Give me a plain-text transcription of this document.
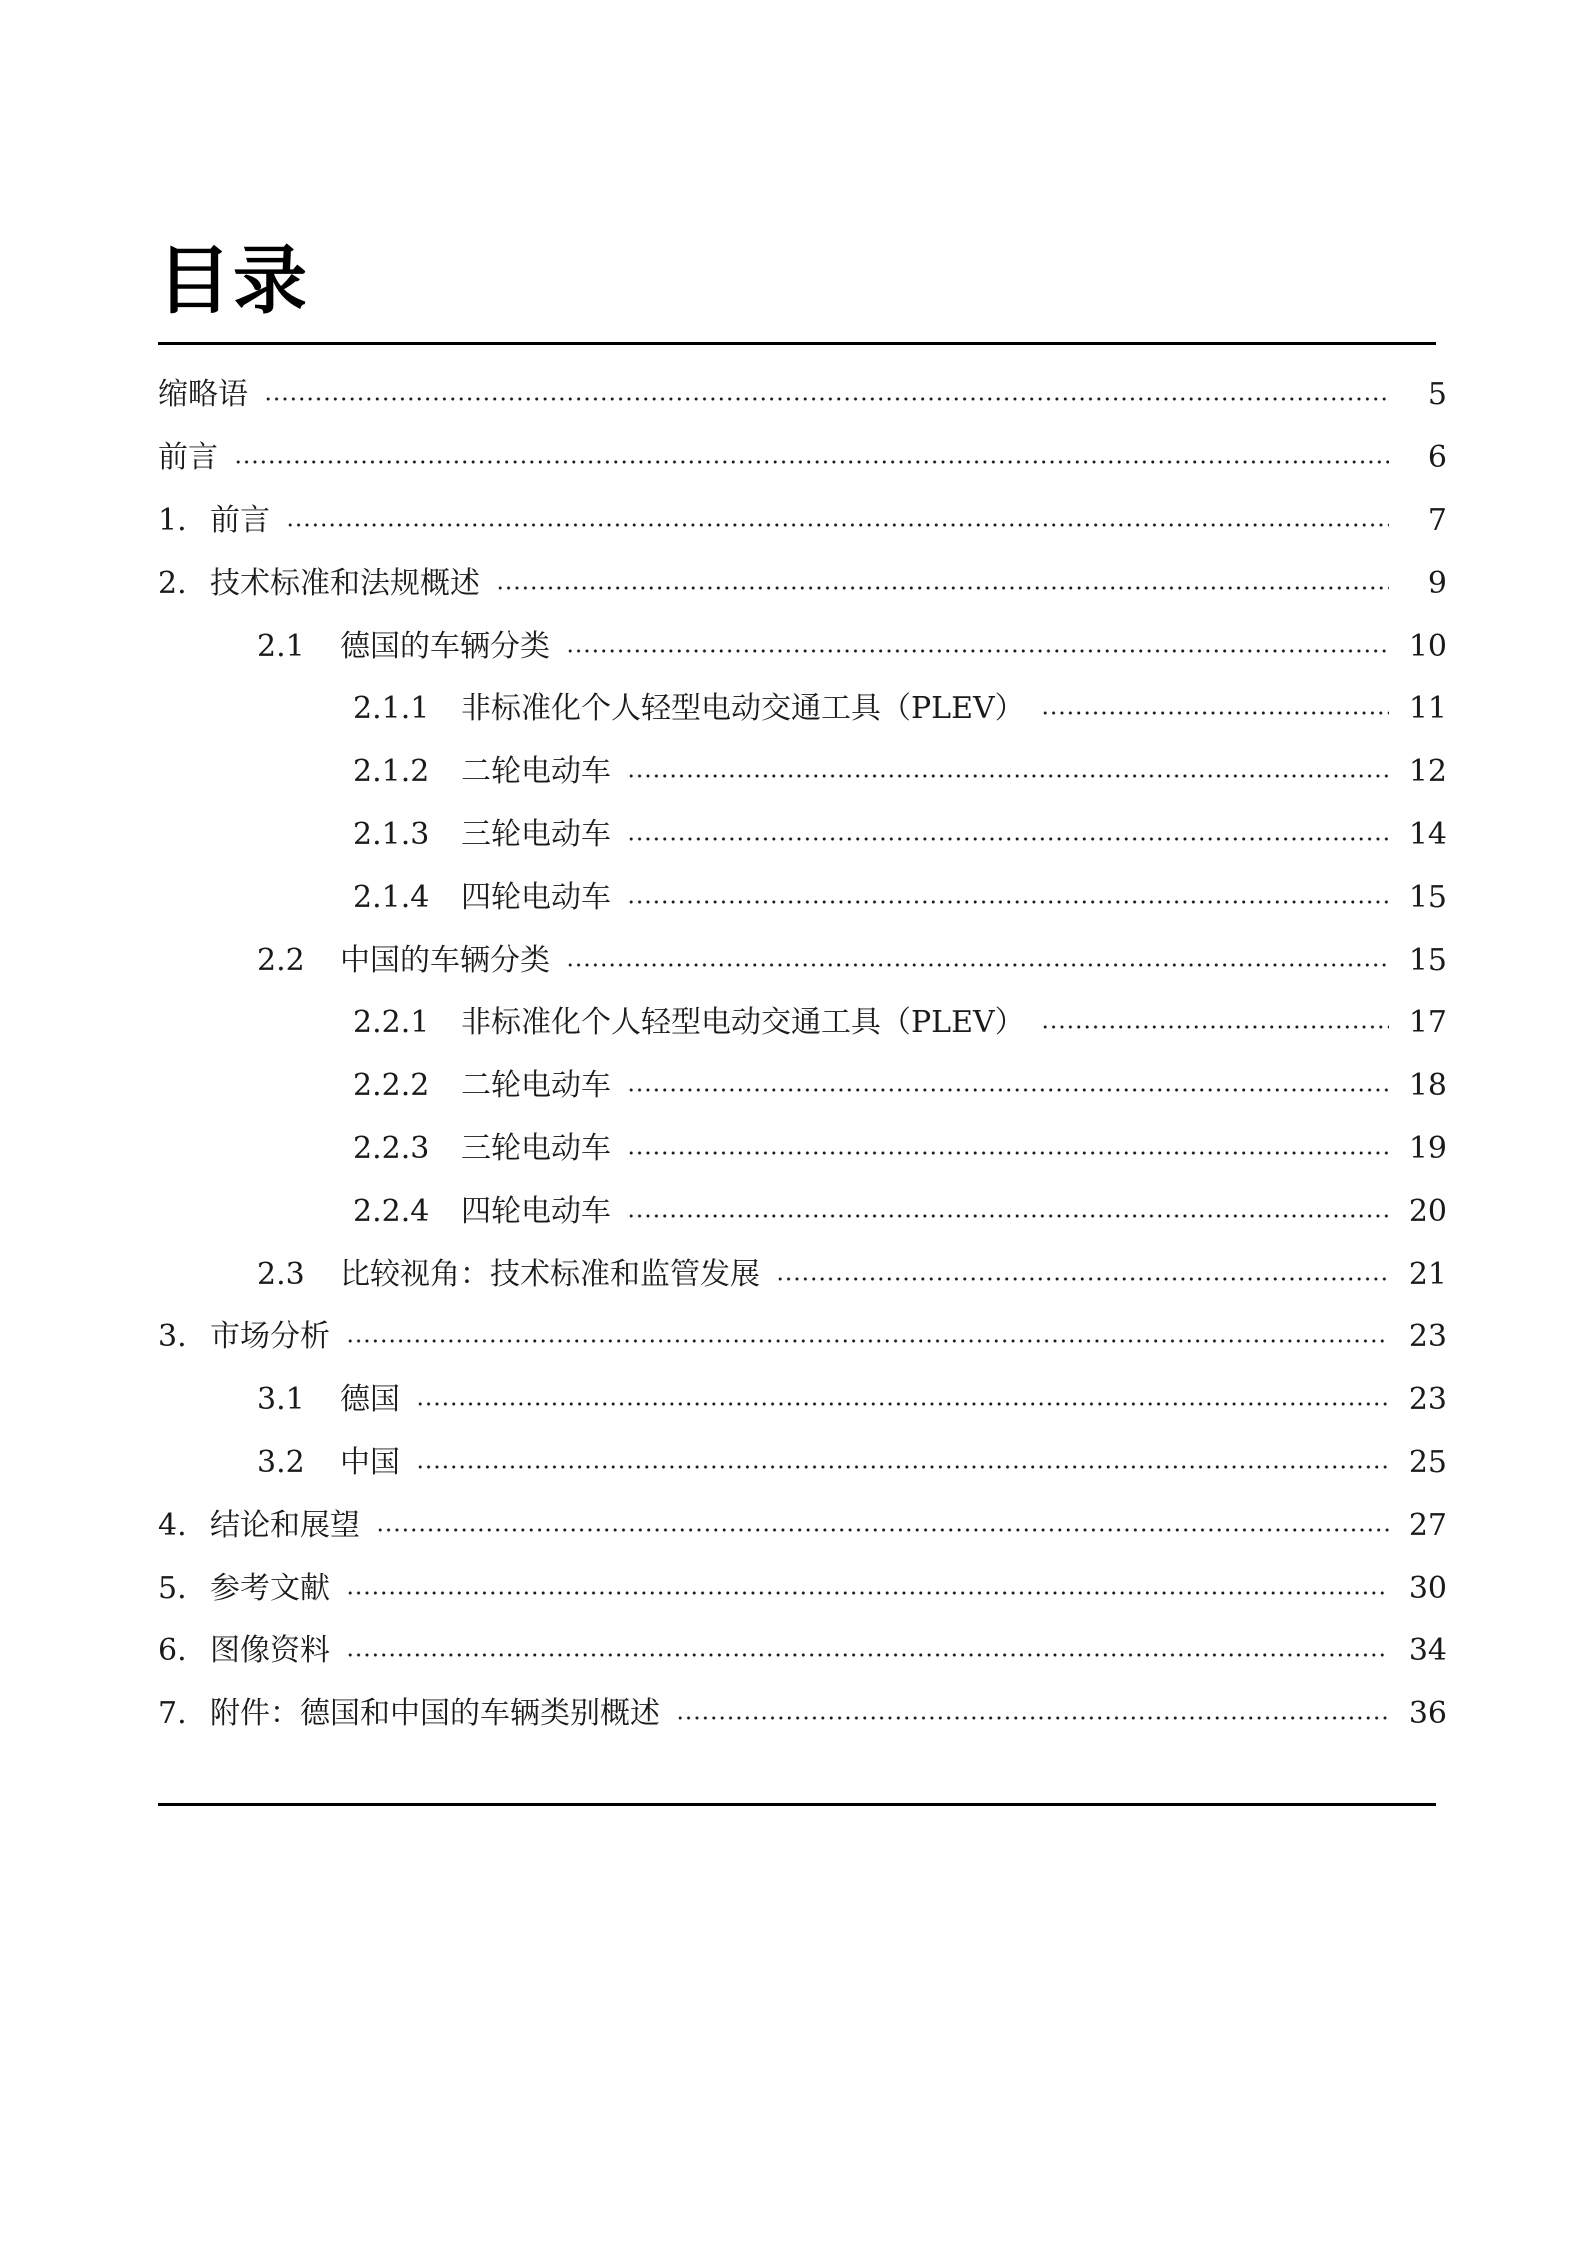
目录
缩略语	5
前言	6
1. 前言	7
2. 技术标准和法规概述	9
2.1	德国的车辆分类	10
2.1.1	非标准化个人轻型电动交通工具（PLEV）	11
2.1.2	二轮电动车	12
2.1.3	三轮电动车	14
2.1.4	四轮电动车	15
2.2	中国的车辆分类	15
2.2.1	非标准化个人轻型电动交通工具（PLEV）	17
2.2.2	二轮电动车	18
2.2.3	三轮电动车	19
2.2.4	四轮电动车	20
2.3	比较视角：技术标准和监管发展	21
3. 市场分析	23
3.1	德国	23
3.2	中国	25
4. 结论和展望	27
5. 参考文献	30
6. 图像资料	34
7. 附件：德国和中国的车辆类别概述	36
